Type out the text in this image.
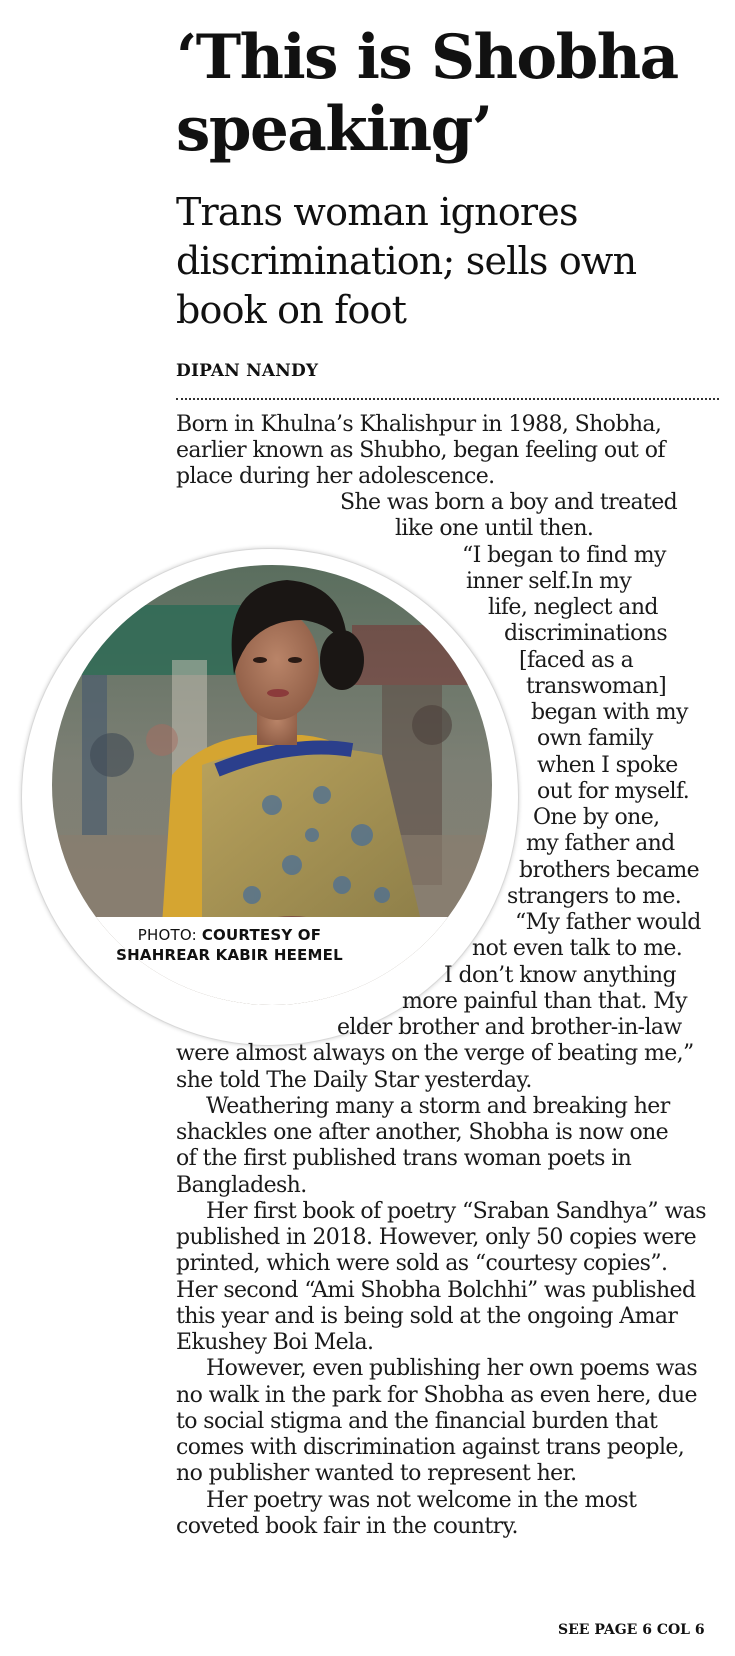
‘This is Shobha
speaking’
Trans woman ignores
discrimination; sells own
book on foot
DIPAN NANDY
PHOTO: COURTESY OF
SHAHREAR KABIR HEEMEL
Born in Khulna’s Khalishpur in 1988, Shobha,
earlier known as Shubho, began feeling out of
place during her adolescence.
She was born a boy and treated
like one until then.
“I began to find my
inner self.In my
life, neglect and
discriminations
[faced as a
transwoman]
began with my
own family
when I spoke
out for myself.
One by one,
my father and
brothers became
strangers to me.
“My father would
not even talk to me.
I don’t know anything
more painful than that. My
elder brother and brother-in-law
were almost always on the verge of beating me,”
she told The Daily Star yesterday.
Weathering many a storm and breaking her
shackles one after another, Shobha is now one
of the first published trans woman poets in
Bangladesh.
Her first book of poetry “Sraban Sandhya” was
published in 2018. However, only 50 copies were
printed, which were sold as “courtesy copies”.
Her second “Ami Shobha Bolchhi” was published
this year and is being sold at the ongoing Amar
Ekushey Boi Mela.
However, even publishing her own poems was
no walk in the park for Shobha as even here, due
to social stigma and the financial burden that
comes with discrimination against trans people,
no publisher wanted to represent her.
Her poetry was not welcome in the most
coveted book fair in the country.
SEE PAGE 6 COL 6
